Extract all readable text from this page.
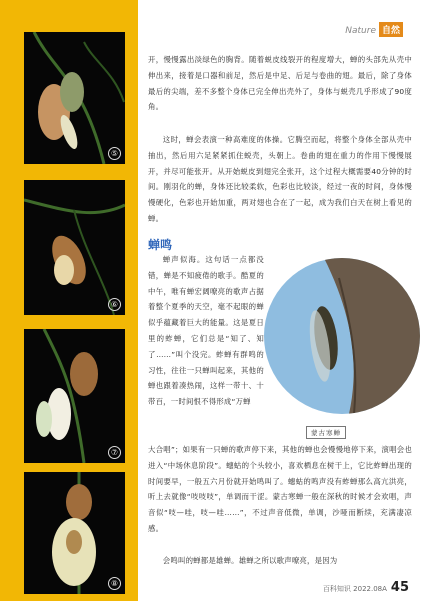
⑤
⑥
⑦
⑧
Nature 自然
开，慢慢露出淡绿色的胸背。随着蜕皮线裂开的程度增大，蝉的头部先从壳中伸出来，接着是口器和前足，然后是中足、后足与卷曲的翅。最后，除了身体最后的尖端，差不多整个身体已完全伸出壳外了，身体与蜕壳几乎形成了90度角。
这时，蝉会表演一种高难度的体操。它腾空而起，将整个身体全部从壳中抽出，然后用六足紧紧抓住蜕壳，头朝上。卷曲的翅在重力的作用下慢慢展开，并尽可能张开。从开始蜕皮到翅完全张开，这个过程大概需要40分钟的时间。刚羽化的蝉，身体还比较柔软，色彩也比较淡，经过一夜的时间，身体慢慢硬化，色彩也开始加重，两对翅也合在了一起，成为我们白天在树上看见的蝉。
蝉鸣
蒙古寒蝉
蝉声似海。这句话一点都没错，蝉是不知疲倦的歌手。酷夏的中午，唯有蝉宏阔嘹亮的歌声占据着整个夏季的天空，毫不起眼的蝉似乎蕴藏着巨大的能量。这是夏日里的蚱蝉，它们总是“知了、知了……”叫个没完。蚱蝉有群鸣的习性，往往一只蝉叫起来，其他的蝉也跟着凑热闹，这样一带十、十带百，一时间恨不得形成“万蝉
大合唱”；如果有一只蝉的歌声停下来，其他的蝉也会慢慢地停下来，演唱会也进入“中场休息阶段”。蟪蛄的个头较小，喜欢栖息在树干上，它比蚱蝉出现的时间要早，一般五六月份就开始鸣叫了。蟪蛄的鸣声没有蚱蝉那么高亢洪亮，听上去就像“吱吱吱”，单调而干涩。蒙古寒蝉一般在深秋的时候才会欢唱，声音似“吱—哇，吱—哇……”，不过声音低微，单调，沙哑而断续，充满凄凉感。
会鸣叫的蝉都是雄蝉。雄蝉之所以歌声嘹亮，是因为
百科知识 2022.08A 45
